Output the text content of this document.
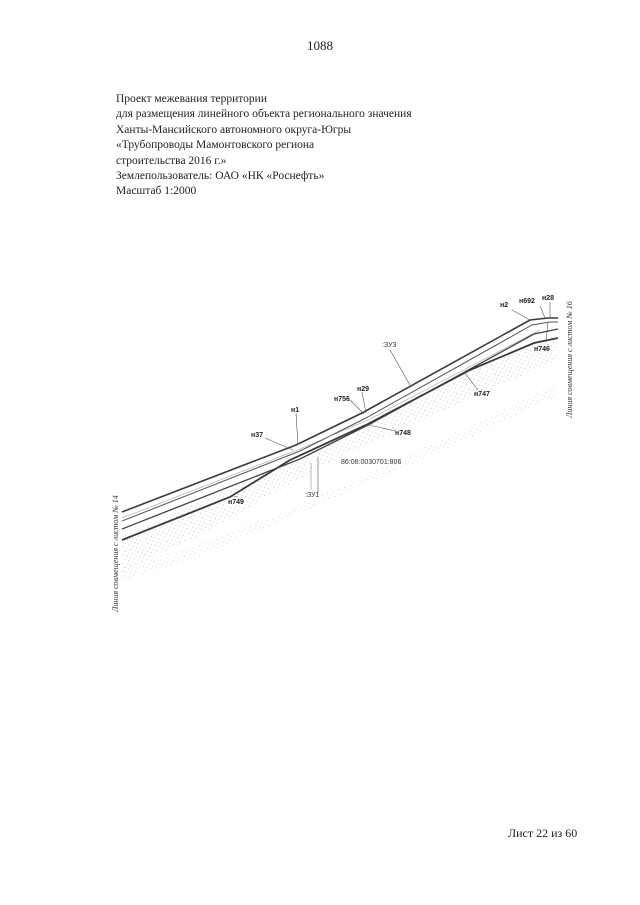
1088
Проект межевания территории
для размещения линейного объекта регионального значения
Ханты-Мансийского автономного округа-Югры
«Трубопроводы Мамонтовского региона
строительства 2016 г.»
Землепользователь: ОАО «НК «Роснефть»
Масштаб 1:2000
н2
н692 н28
н746
н747
н29
н756
н1
н37	н748
н749
:ЗУ3
:ЗУ1
86:08:0030701:806
Линия совмещения с листом № 14
Линия совмещения с листом № 16
Лист 22 из 60
